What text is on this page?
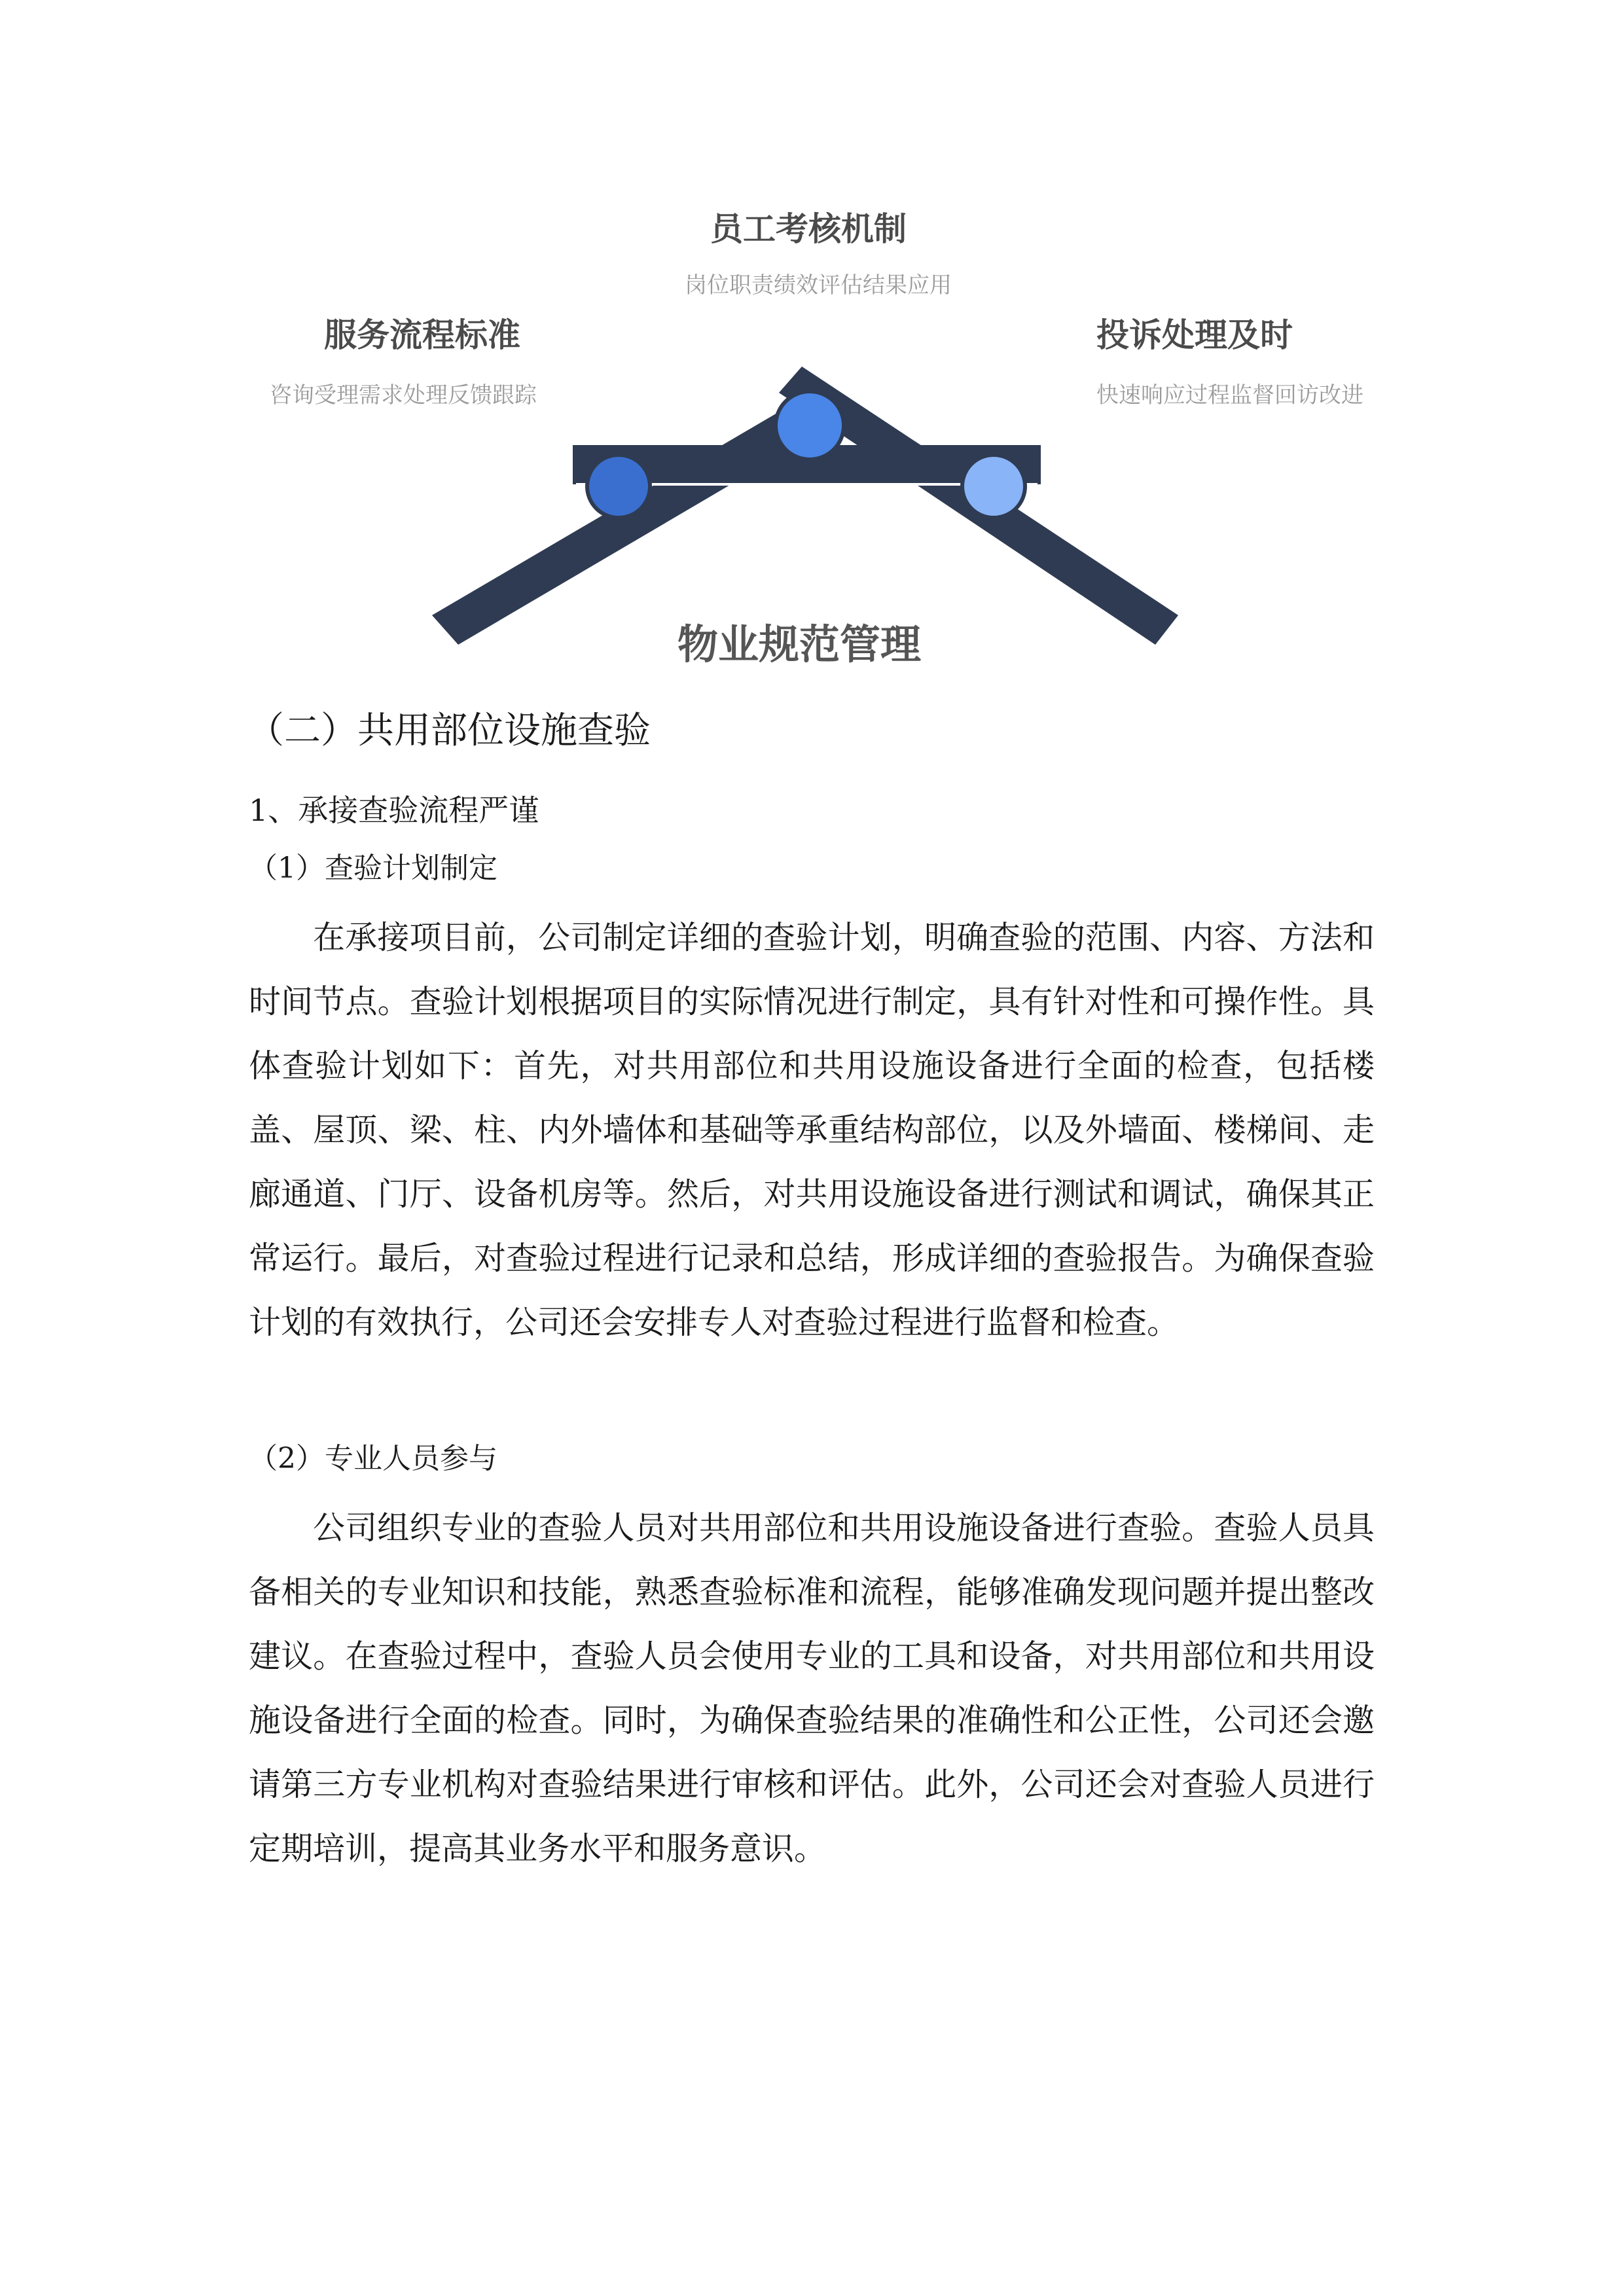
员工考核机制
岗位职责绩效评估结果应用
服务流程标准
咨询受理需求处理反馈跟踪
投诉处理及时
快速响应过程监督回访改进
物业规范管理
（二）共用部位设施查验
1、承接查验流程严谨
（1）查验计划制定
在承接项目前，公司制定详细的查验计划，明确查验的范围、内容、方法和时间节点。查验计划根据项目的实际情况进行制定，具有针对性和可操作性。具体查验计划如下：首先，对共用部位和共用设施设备进行全面的检查，包括楼盖、屋顶、梁、柱、内外墙体和基础等承重结构部位，以及外墙面、楼梯间、走廊通道、门厅、设备机房等。然后，对共用设施设备进行测试和调试，确保其正常运行。最后，对查验过程进行记录和总结，形成详细的查验报告。为确保查验计划的有效执行，公司还会安排专人对查验过程进行监督和检查。
（2）专业人员参与
公司组织专业的查验人员对共用部位和共用设施设备进行查验。查验人员具备相关的专业知识和技能，熟悉查验标准和流程，能够准确发现问题并提出整改建议。在查验过程中，查验人员会使用专业的工具和设备，对共用部位和共用设施设备进行全面的检查。同时，为确保查验结果的准确性和公正性，公司还会邀请第三方专业机构对查验结果进行审核和评估。此外，公司还会对查验人员进行定期培训，提高其业务水平和服务意识。
